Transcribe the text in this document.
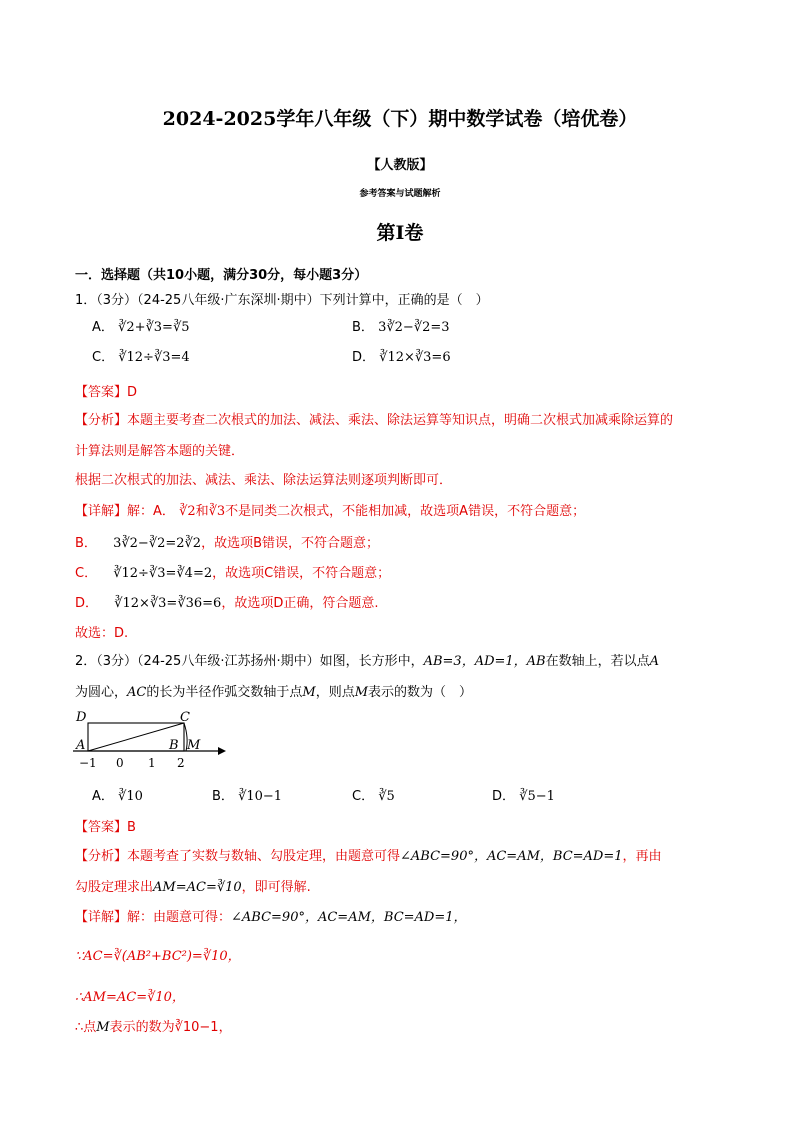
2024-2025学年八年级（下）期中数学试卷（培优卷）
【人教版】
参考答案与试题解析
第Ⅰ卷
一．选择题（共10小题，满分30分，每小题3分）
1．（3分）（24-25八年级·广东深圳·期中）下列计算中，正确的是（　）
A． ∛2+∛3=∛5	B． 3∛2−∛2=3
C． ∛12÷∛3=4	D． ∛12×∛3=6
【答案】D
【分析】本题主要考查二次根式的加法、减法、乘法、除法运算等知识点，明确二次根式加减乘除运算的
计算法则是解答本题的关键．
根据二次根式的加法、减法、乘法、除法运算法则逐项判断即可．
【详解】解：A． ∛2和∛3不是同类二次根式，不能相加减，故选项A错误，不符合题意；
B． 3∛2−∛2=2∛2，故选项B错误，不符合题意；
C． ∛12÷∛3=∛4=2，故选项C错误，不符合题意；
D． ∛12×∛3=∛36=6，故选项D正确，符合题意.
故选：D.
2．（3分）（24-25八年级·江苏扬州·期中）如图，长方形中，AB=3，AD=1，AB在数轴上，若以点A
为圆心，AC的长为半径作弧交数轴于点M，则点M表示的数为（　）
D	C
A	B M
−1 0 1 2
A． ∛10	B． ∛10−1	C． ∛5	D． ∛5−1
【答案】B
【分析】本题考查了实数与数轴、勾股定理，由题意可得∠ABC=90°，AC=AM，BC=AD=1，再由
勾股定理求出AM=AC=∛10，即可得解.
【详解】解：由题意可得：∠ABC=90°，AC=AM，BC=AD=1，
∵AC=∛(AB²+BC²)=∛10，
∴AM=AC=∛10，
∴点M表示的数为∛10−1，
